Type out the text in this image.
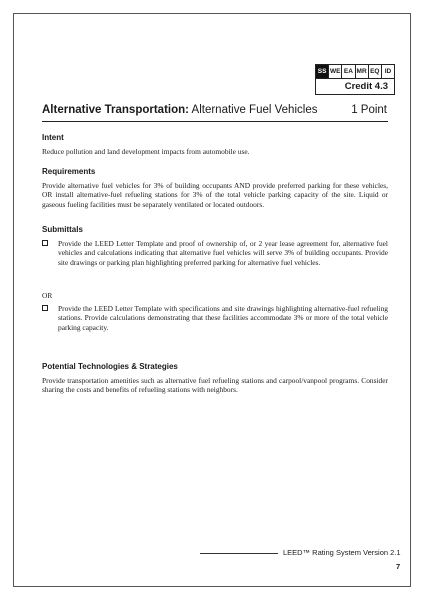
SS WE EA MR EQ ID
Credit 4.3
Alternative Transportation: Alternative Fuel Vehicles	1 Point
Intent

Reduce pollution and land development impacts from automobile use.

Requirements

Provide alternative fuel vehicles for 3% of building occupants AND provide preferred parking for these vehicles, OR install alternative-fuel refueling stations for 3% of the total vehicle parking capacity of the site. Liquid or gaseous fueling facilities must be separately ventilated or located outdoors.

Submittals
Provide the LEED Letter Template and proof of ownership of, or 2 year lease agreement for, alternative fuel vehicles and calculations indicating that alternative fuel vehicles will serve 3% of building occupants. Provide site drawings or parking plan highlighting preferred parking for alternative fuel vehicles.
OR
Provide the LEED Letter Template with specifications and site drawings highlighting alternative-fuel refueling stations. Provide calculations demonstrating that these facilities accommodate 3% or more of the total vehicle parking capacity.
Potential Technologies & Strategies

Provide transportation amenities such as alternative fuel refueling stations and carpool/vanpool programs. Consider sharing the costs and benefits of refueling stations with neighbors.

LEED™ Rating System Version 2.1
7
